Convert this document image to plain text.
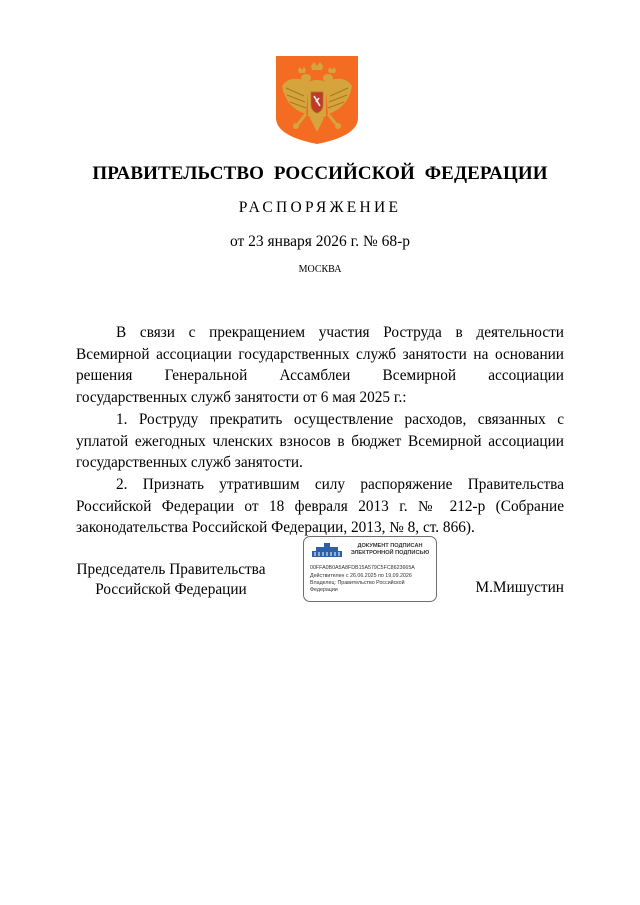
ПРАВИТЕЛЬСТВО РОССИЙСКОЙ ФЕДЕРАЦИИ
РАСПОРЯЖЕНИЕ
от 23 января 2026 г. № 68-р
МОСКВА

В связи с прекращением участия Роструда в деятельности Всемирной ассоциации государственных служб занятости на основании решения Генеральной Ассамблеи Всемирной ассоциации государственных служб занятости от 6 мая 2025 г.:

1. Роструду прекратить осуществление расходов, связанных с уплатой ежегодных членских взносов в бюджет Всемирной ассоциации государственных служб занятости.

2. Признать утратившим силу распоряжение Правительства Российской Федерации от 18 февраля 2013 г. № 212-р (Собрание законодательства Российской Федерации, 2013, № 8, ст. 866).

Председатель Правительства
Российской Федерации
ДОКУМЕНТ ПОДПИСАН
ЭЛЕКТРОННОЙ ПОДПИСЬЮ
00FFA0B0A5A8FDB15A579C5FC8623665A
Действителен с 26.06.2025 по 19.09.2026
Владелец: Правительство Российской
Федерации	М.Мишустин
